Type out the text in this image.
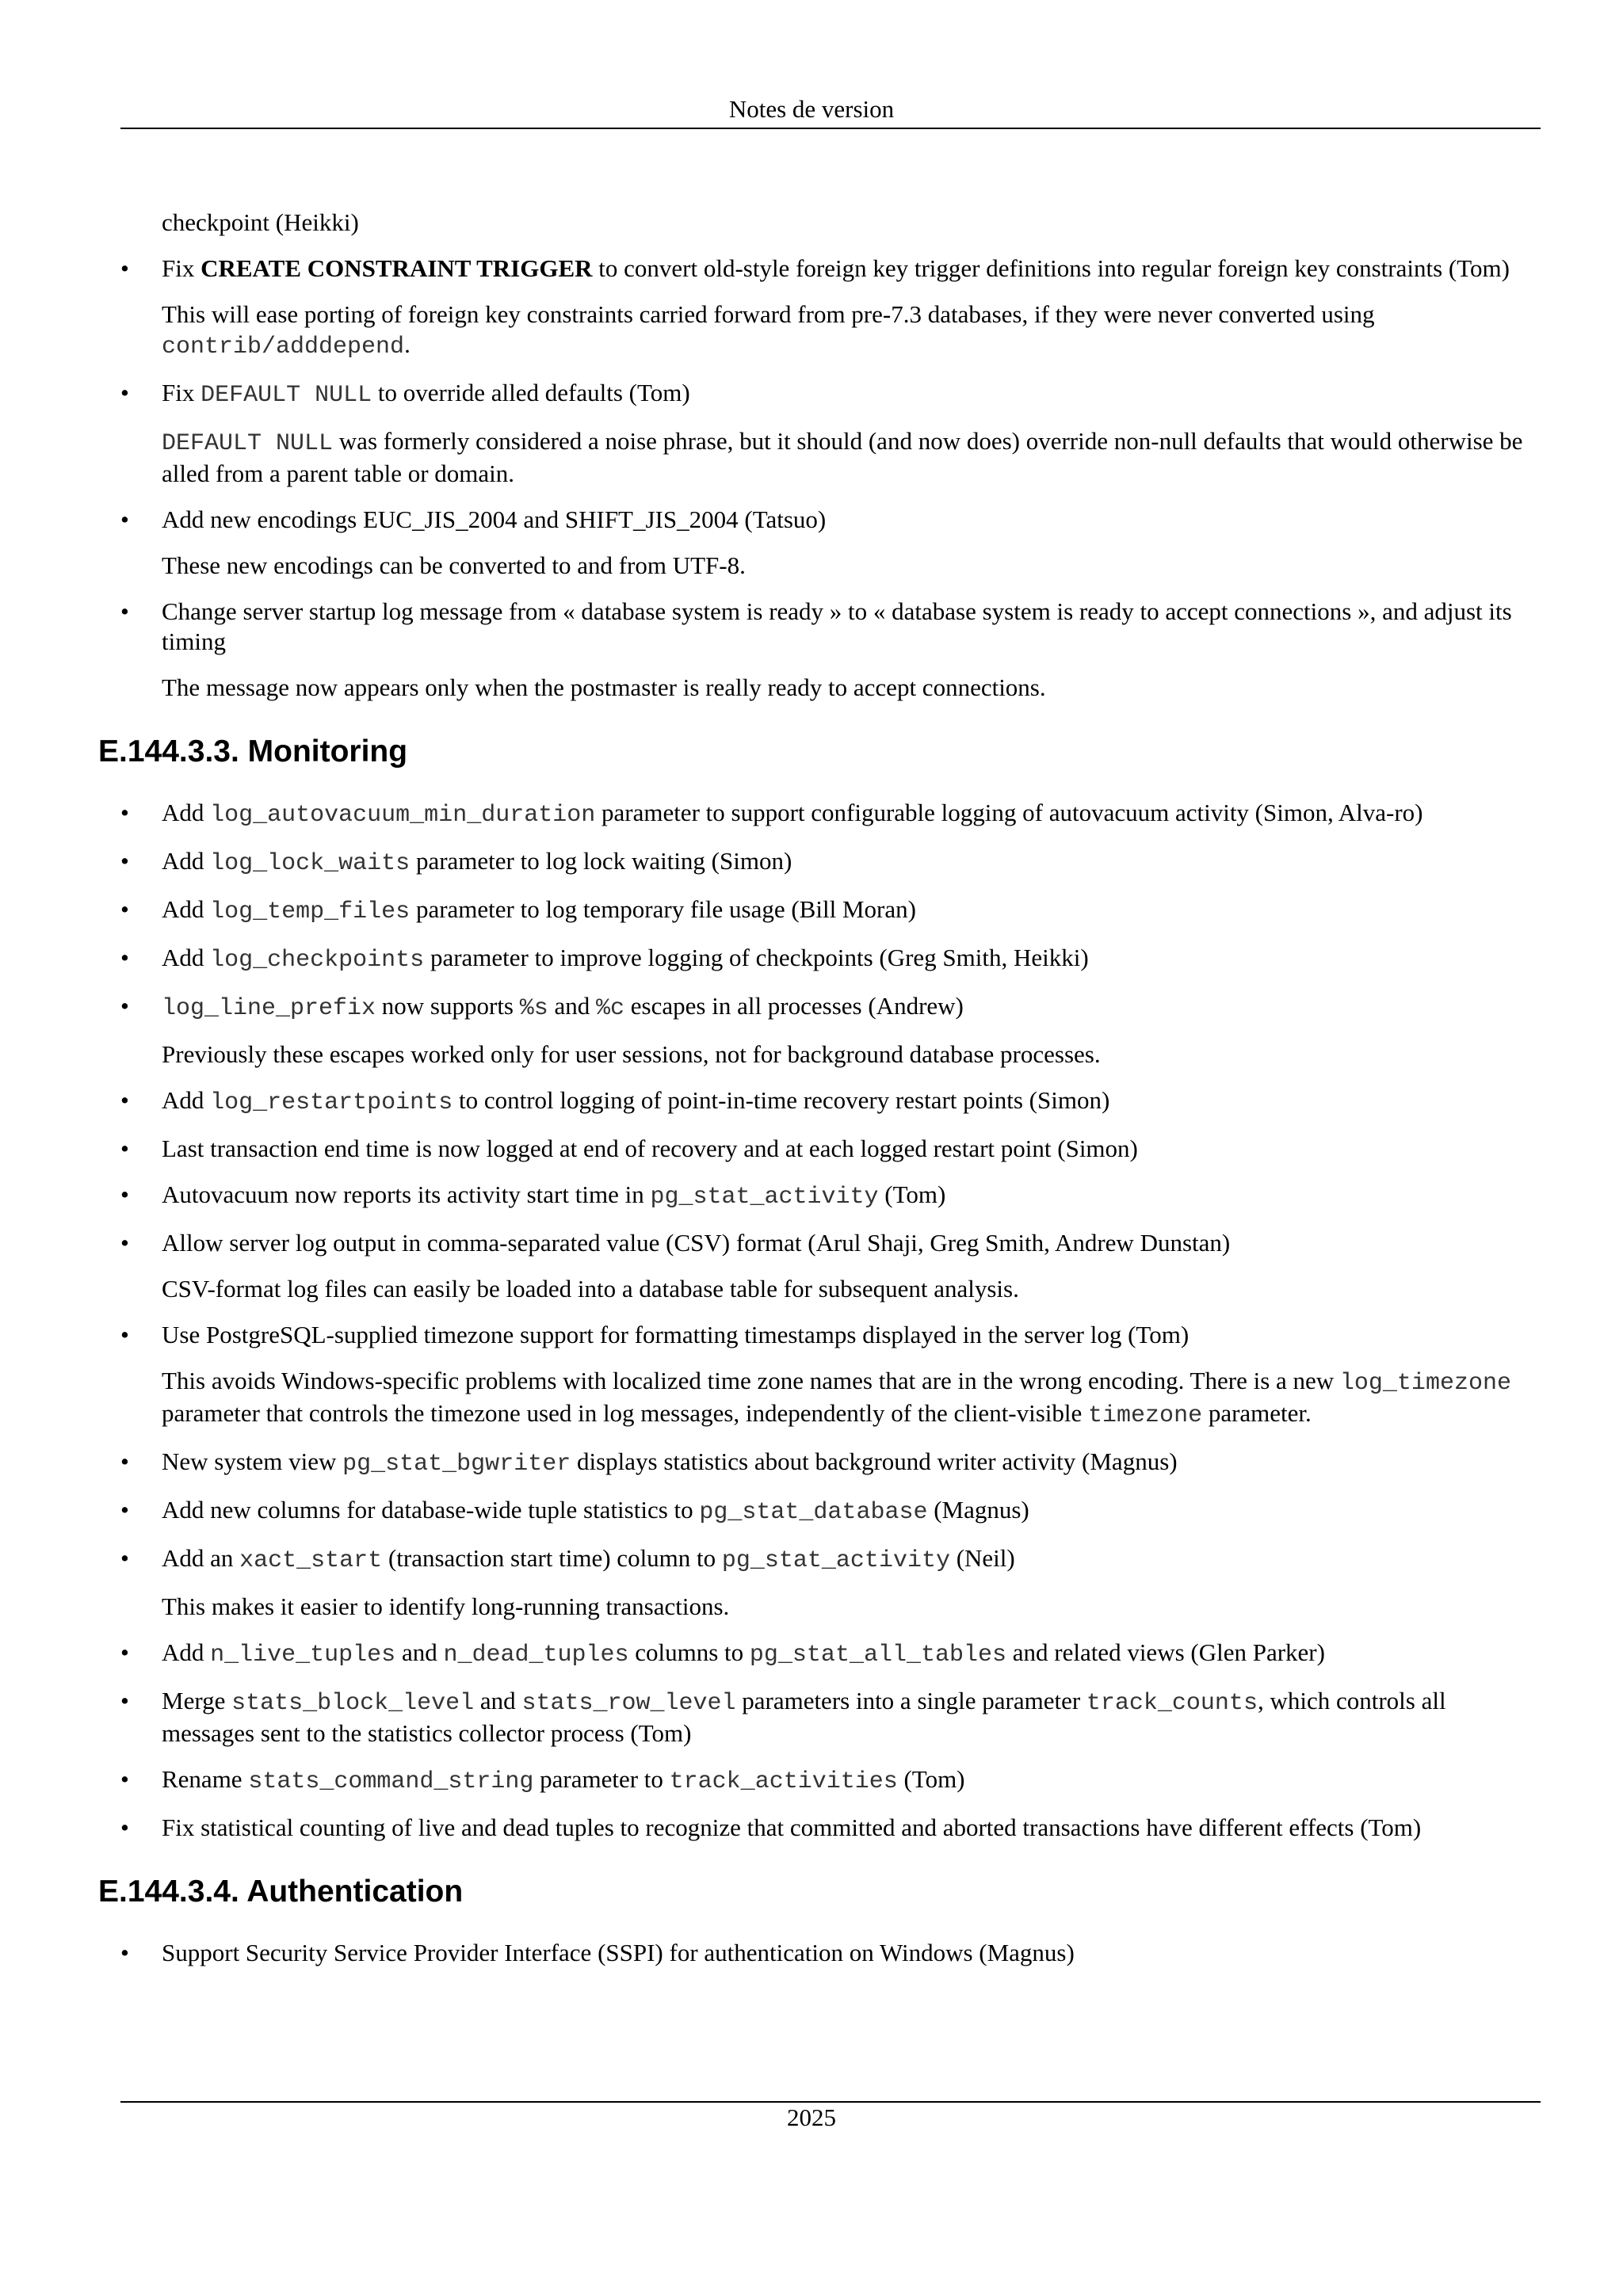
Notes de version
checkpoint (Heikki)
•	Fix CREATE CONSTRAINT TRIGGER to convert old-style foreign key trigger definitions into regular foreign key constraints (Tom)
This will ease porting of foreign key constraints carried forward from pre-7.3 databases, if they were never converted using contrib/adddepend.
•	Fix DEFAULT NULL to override alled defaults (Tom)
DEFAULT NULL was formerly considered a noise phrase, but it should (and now does) override non-null defaults that would otherwise be alled from a parent table or domain.
•	Add new encodings EUC_JIS_2004 and SHIFT_JIS_2004 (Tatsuo)
These new encodings can be converted to and from UTF-8.
•	Change server startup log message from « database system is ready » to « database system is ready to accept connections », and adjust its timing
The message now appears only when the postmaster is really ready to accept connections.
E.144.3.3. Monitoring
•	Add log_autovacuum_min_duration parameter to support configurable logging of autovacuum activity (Simon, Alva-ro)
•	Add log_lock_waits parameter to log lock waiting (Simon)
•	Add log_temp_files parameter to log temporary file usage (Bill Moran)
•	Add log_checkpoints parameter to improve logging of checkpoints (Greg Smith, Heikki)
•	log_line_prefix now supports %s and %c escapes in all processes (Andrew)
Previously these escapes worked only for user sessions, not for background database processes.
•	Add log_restartpoints to control logging of point-in-time recovery restart points (Simon)
•	Last transaction end time is now logged at end of recovery and at each logged restart point (Simon)
•	Autovacuum now reports its activity start time in pg_stat_activity (Tom)
•	Allow server log output in comma-separated value (CSV) format (Arul Shaji, Greg Smith, Andrew Dunstan)
CSV-format log files can easily be loaded into a database table for subsequent analysis.
•	Use PostgreSQL-supplied timezone support for formatting timestamps displayed in the server log (Tom)
This avoids Windows-specific problems with localized time zone names that are in the wrong encoding. There is a new log_timezone parameter that controls the timezone used in log messages, independently of the client-visible timezone parameter.
•	New system view pg_stat_bgwriter displays statistics about background writer activity (Magnus)
•	Add new columns for database-wide tuple statistics to pg_stat_database (Magnus)
•	Add an xact_start (transaction start time) column to pg_stat_activity (Neil)
This makes it easier to identify long-running transactions.
•	Add n_live_tuples and n_dead_tuples columns to pg_stat_all_tables and related views (Glen Parker)
•	Merge stats_block_level and stats_row_level parameters into a single parameter track_counts, which controls all messages sent to the statistics collector process (Tom)
•	Rename stats_command_string parameter to track_activities (Tom)
•	Fix statistical counting of live and dead tuples to recognize that committed and aborted transactions have different effects (Tom)
E.144.3.4. Authentication
•	Support Security Service Provider Interface (SSPI) for authentication on Windows (Magnus)
2025
